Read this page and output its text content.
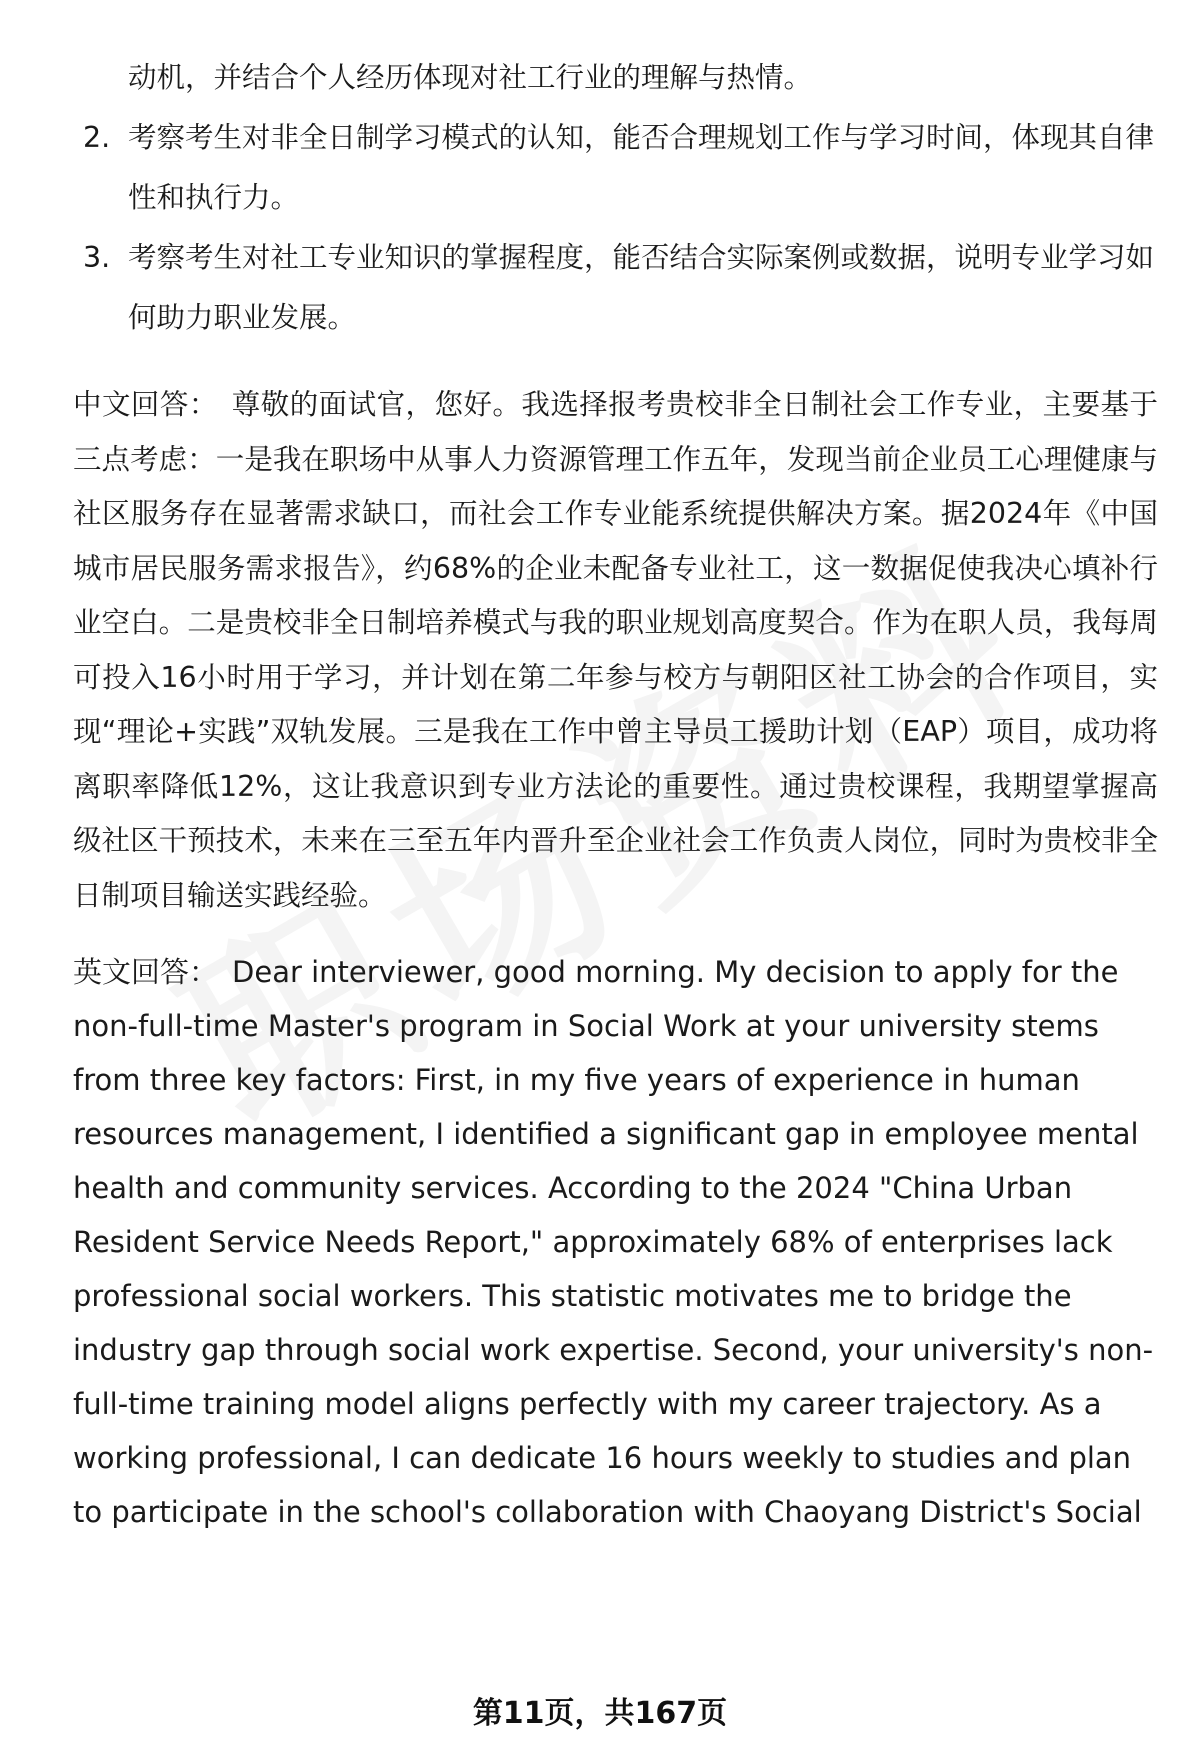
动机，并结合个人经历体现对社工行业的理解与热情。

2. 考察考生对非全日制学习模式的认知，能否合理规划工作与学习时间，体现其自律性和执行力。
3. 考察考生对社工专业知识的掌握程度，能否结合实际案例或数据，说明专业学习如何助力职业发展。

中文回答： 尊敬的面试官，您好。我选择报考贵校非全日制社会工作专业，主要基于三点考虑：一是我在职场中从事人力资源管理工作五年，发现当前企业员工心理健康与社区服务存在显著需求缺口，而社会工作专业能系统提供解决方案。据2024年《中国城市居民服务需求报告》，约68%的企业未配备专业社工，这一数据促使我决心填补行业空白。二是贵校非全日制培养模式与我的职业规划高度契合。作为在职人员，我每周可投入16小时用于学习，并计划在第二年参与校方与朝阳区社工协会的合作项目，实现“理论+实践”双轨发展。三是我在工作中曾主导员工援助计划（EAP）项目，成功将离职率降低12%，这让我意识到专业方法论的重要性。通过贵校课程，我期望掌握高级社区干预技术，未来在三至五年内晋升至企业社会工作负责人岗位，同时为贵校非全日制项目输送实践经验。

英文回答： Dear interviewer, good morning. My decision to apply for the non-full-time Master's program in Social Work at your university stems from three key factors: First, in my five years of experience in human resources management, I identified a significant gap in employee mental health and community services. According to the 2024 "China Urban Resident Service Needs Report," approximately 68% of enterprises lack professional social workers. This statistic motivates me to bridge the industry gap through social work expertise. Second, your university's non-full-time training model aligns perfectly with my career trajectory. As a working professional, I can dedicate 16 hours weekly to studies and plan to participate in the school's collaboration with Chaoyang District's Social

第11页，共167页
